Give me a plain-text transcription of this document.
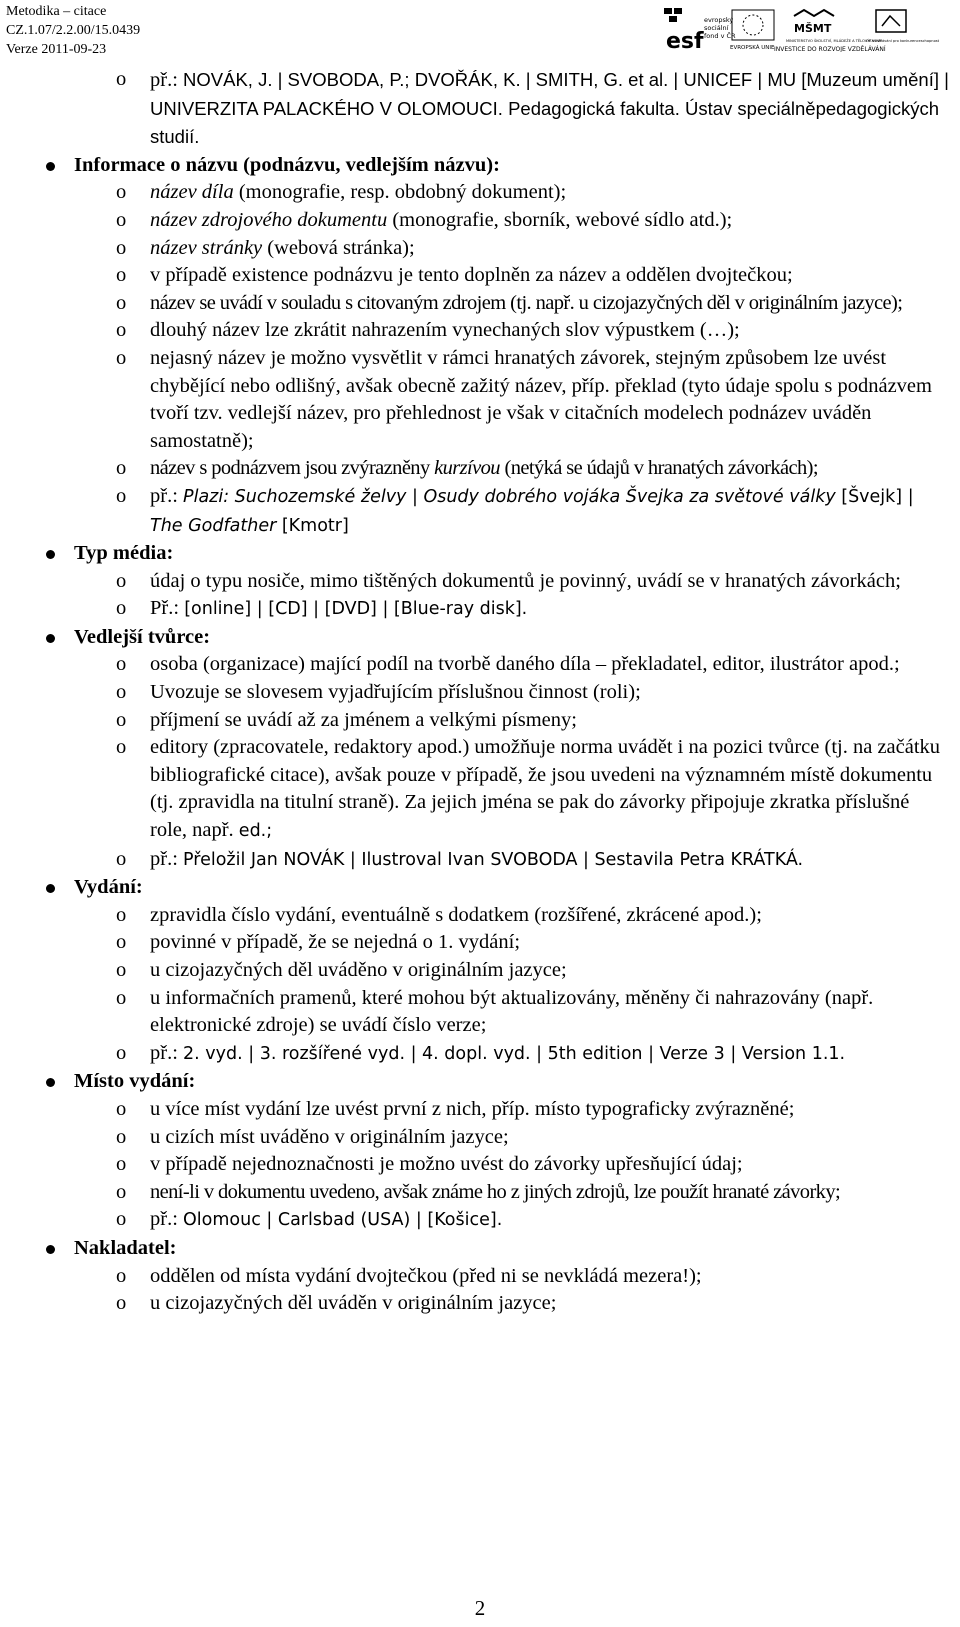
Metodika – citace
CZ.1.07/2.2.00/15.0439
Verze 2011-09-23	esf
evropský
sociální
fond v ČR
EVROPSKÁ UNIE
MŠMT
MINISTERSTVO ŠKOLSTVÍ, MLÁDEŽE A TĚLOVÝCHOVY
OP Vzdělávání pro konkurenceschopnost
INVESTICE DO ROZVOJE VZDĚLÁVÁNÍ

o př.: NOVÁK, J. | SVOBODA, P.; DVOŘÁK, K. | SMITH, G. et al. | UNICEF | MU [Muzeum umění] | UNIVERZITA PALACKÉHO V OLOMOUCI. Pedagogická fakulta. Ústav speciálněpedagogických studií.

Informace o názvu (podnázvu, vedlejším názvu):

o název díla (monografie, resp. obdobný dokument);

o název zdrojového dokumentu (monografie, sborník, webové sídlo atd.);

o název stránky (webová stránka);

o v případě existence podnázvu je tento doplněn za název a oddělen dvojtečkou;

o název se uvádí v souladu s citovaným zdrojem (tj. např. u cizojazyčných děl v originálním jazyce);

o dlouhý název lze zkrátit nahrazením vynechaných slov výpustkem (…);

o nejasný název je možno vysvětlit v rámci hranatých závorek, stejným způsobem lze uvést chybějící nebo odlišný, avšak obecně zažitý název, příp. překlad (tyto údaje spolu s podnázvem tvoří tzv. vedlejší název, pro přehlednost je však v citačních modelech podnázev uváděn samostatně);

o název s podnázvem jsou zvýrazněny kurzívou (netýká se údajů v hranatých závorkách);

o př.: Plazi: Suchozemské želvy | Osudy dobrého vojáka Švejka za světové války [Švejk] | The Godfather [Kmotr]

Typ média:

o údaj o typu nosiče, mimo tištěných dokumentů je povinný, uvádí se v hranatých závorkách;

o Př.: [online] | [CD] | [DVD] | [Blue-ray disk].

Vedlejší tvůrce:

o osoba (organizace) mající podíl na tvorbě daného díla – překladatel, editor, ilustrátor apod.;

o Uvozuje se slovesem vyjadřujícím příslušnou činnost (roli);

o příjmení se uvádí až za jménem a velkými písmeny;

o editory (zpracovatele, redaktory apod.) umožňuje norma uvádět i na pozici tvůrce (tj. na začátku bibliografické citace), avšak pouze v případě, že jsou uvedeni na významném místě dokumentu (tj. zpravidla na titulní straně). Za jejich jména se pak do závorky připojuje zkratka příslušné role, např. ed.;

o př.: Přeložil Jan NOVÁK | Ilustroval Ivan SVOBODA | Sestavila Petra KRÁTKÁ.

Vydání:

o zpravidla číslo vydání, eventuálně s dodatkem (rozšířené, zkrácené apod.);

o povinné v případě, že se nejedná o 1. vydání;

o u cizojazyčných děl uváděno v originálním jazyce;

o u informačních pramenů, které mohou být aktualizovány, měněny či nahrazovány (např. elektronické zdroje) se uvádí číslo verze;

o př.: 2. vyd. | 3. rozšířené vyd. | 4. dopl. vyd. | 5th edition | Verze 3 | Version 1.1.

Místo vydání:

o u více míst vydání lze uvést první z nich, příp. místo typograficky zvýrazněné;

o u cizích míst uváděno v originálním jazyce;

o v případě nejednoznačnosti je možno uvést do závorky upřesňující údaj;

o není-li v dokumentu uvedeno, avšak známe ho z jiných zdrojů, lze použít hranaté závorky;

o př.: Olomouc | Carlsbad (USA) | [Košice].

Nakladatel:

o oddělen od místa vydání dvojtečkou (před ni se nevkládá mezera!);

o u cizojazyčných děl uváděn v originálním jazyce;

2
